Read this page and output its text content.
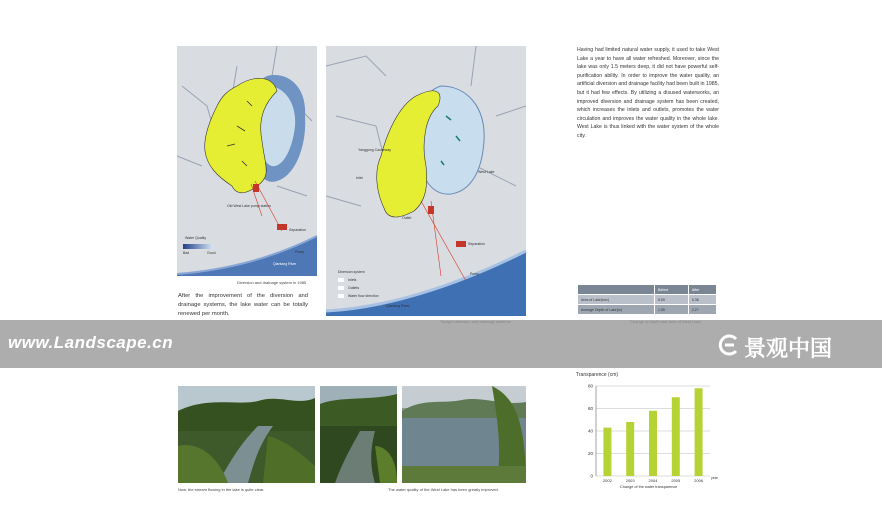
Water Quality
Bad	Good
Old West Lake pump station
Separation
Pump
Qiantang River
Diversion and drainage system in 1985
West Lake
Separation
Pump
Qiantang River
Yanggong Causeway
Inlet
Outlet
Diversion system
Inlets
Outlets
Water flow direction
After the improvement of the diversion and drainage systems, the lake water can be totally renewed per month.
Having had limited natural water supply, it used to take West Lake a year to have all water refreshed. Moreover, since the lake was only 1.5 meters deep, it did not have powerful self-purification ability. In order to improve the water quality, an artificial diversion and drainage facility had been built in 1985, but it had few effects. By utilizing a disused waterworks, an improved diversion and drainage system has been created, which increases the inlets and outlets, promotes the water circulation and improves the water quality in the whole lake. West Lake is thus linked with the water system of the whole city.
	Before	After
Area of Lake(km²)	5.59	6.38
Average Depth of Lake(m)	1.55	2.27
www.Landscape.cn	景观中国
Now, the stream flowing in the lake is quite clear.	The water quality of the West Lake has been greatly improved.
Transparence (cm)
0
20
40
60
80
2002	2003	2004	2005	2006 year
Change of the water transparence
